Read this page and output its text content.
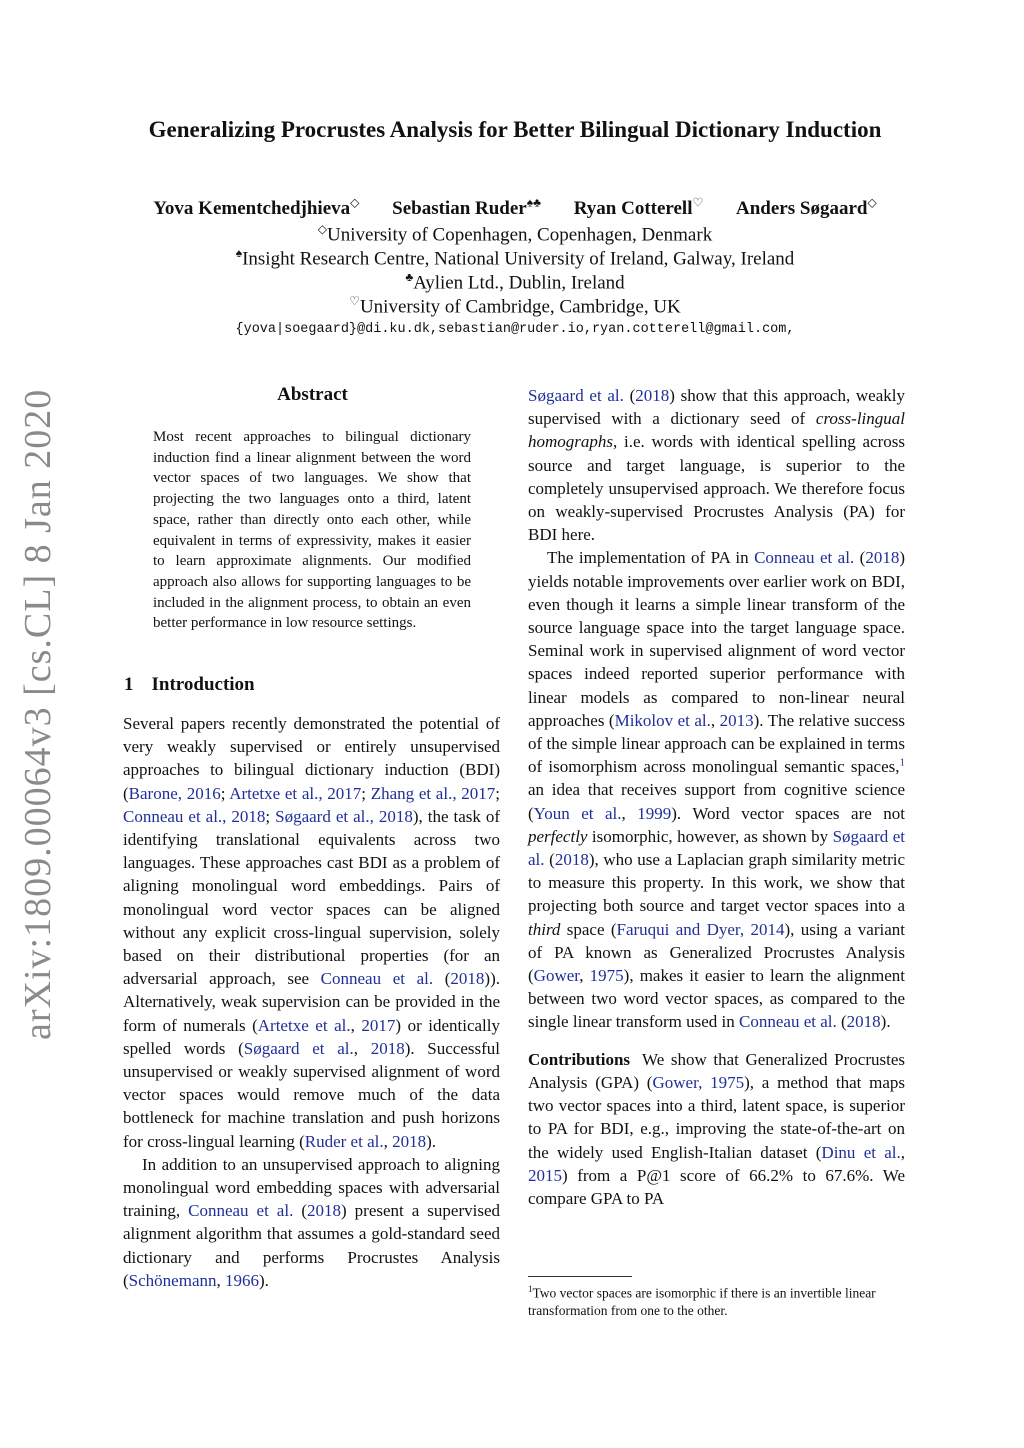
arXiv:1809.00064v3 [cs.CL] 8 Jan 2020
Generalizing Procrustes Analysis for Better Bilingual Dictionary Induction
Yova Kementchedjhieva◇ Sebastian Ruder♠♣ Ryan Cotterell♡ Anders Søgaard◇
◇University of Copenhagen, Copenhagen, Denmark
♠Insight Research Centre, National University of Ireland, Galway, Ireland
♣Aylien Ltd., Dublin, Ireland
♡University of Cambridge, Cambridge, UK
{yova|soegaard}@di.ku.dk,sebastian@ruder.io,ryan.cotterell@gmail.com,
Abstract
Most recent approaches to bilingual dictionary induction find a linear alignment between the word vector spaces of two languages. We show that projecting the two languages onto a third, latent space, rather than directly onto each other, while equivalent in terms of expressivity, makes it easier to learn approximate alignments. Our modified approach also allows for supporting languages to be included in the alignment process, to obtain an even better performance in low resource settings.
1 Introduction

Several papers recently demonstrated the potential of very weakly supervised or entirely unsupervised approaches to bilingual dictionary induction (BDI) (Barone, 2016; Artetxe et al., 2017; Zhang et al., 2017; Conneau et al., 2018; Søgaard et al., 2018), the task of identifying translational equivalents across two languages. These approaches cast BDI as a problem of aligning monolingual word embeddings. Pairs of monolingual word vector spaces can be aligned without any explicit cross-lingual supervision, solely based on their distributional properties (for an adversarial approach, see Conneau et al. (2018)). Alternatively, weak supervision can be provided in the form of numerals (Artetxe et al., 2017) or identically spelled words (Søgaard et al., 2018). Successful unsupervised or weakly supervised alignment of word vector spaces would remove much of the data bottleneck for machine translation and push horizons for cross-lingual learning (Ruder et al., 2018).

In addition to an unsupervised approach to aligning monolingual word embedding spaces with adversarial training, Conneau et al. (2018) present a supervised alignment algorithm that assumes a gold-standard seed dictionary and performs Procrustes Analysis (Schönemann, 1966).

Søgaard et al. (2018) show that this approach, weakly supervised with a dictionary seed of cross-lingual homographs, i.e. words with identical spelling across source and target language, is superior to the completely unsupervised approach. We therefore focus on weakly-supervised Procrustes Analysis (PA) for BDI here.

The implementation of PA in Conneau et al. (2018) yields notable improvements over earlier work on BDI, even though it learns a simple linear transform of the source language space into the target language space. Seminal work in supervised alignment of word vector spaces indeed reported superior performance with linear models as compared to non-linear neural approaches (Mikolov et al., 2013). The relative success of the simple linear approach can be explained in terms of isomorphism across monolingual semantic spaces,$^1$ an idea that receives support from cognitive science (Youn et al., 1999). Word vector spaces are not perfectly isomorphic, however, as shown by Søgaard et al. (2018), who use a Laplacian graph similarity metric to measure this property. In this work, we show that projecting both source and target vector spaces into a third space (Faruqui and Dyer, 2014), using a variant of PA known as Generalized Procrustes Analysis (Gower, 1975), makes it easier to learn the alignment between two word vector spaces, as compared to the single linear transform used in Conneau et al. (2018).

Contributions We show that Generalized Procrustes Analysis (GPA) (Gower, 1975), a method that maps two vector spaces into a third, latent space, is superior to PA for BDI, e.g., improving the state-of-the-art on the widely used English-Italian dataset (Dinu et al., 2015) from a P@1 score of 66.2% to 67.6%. We compare GPA to PA

$^1$Two vector spaces are isomorphic if there is an invertible linear transformation from one to the other.
